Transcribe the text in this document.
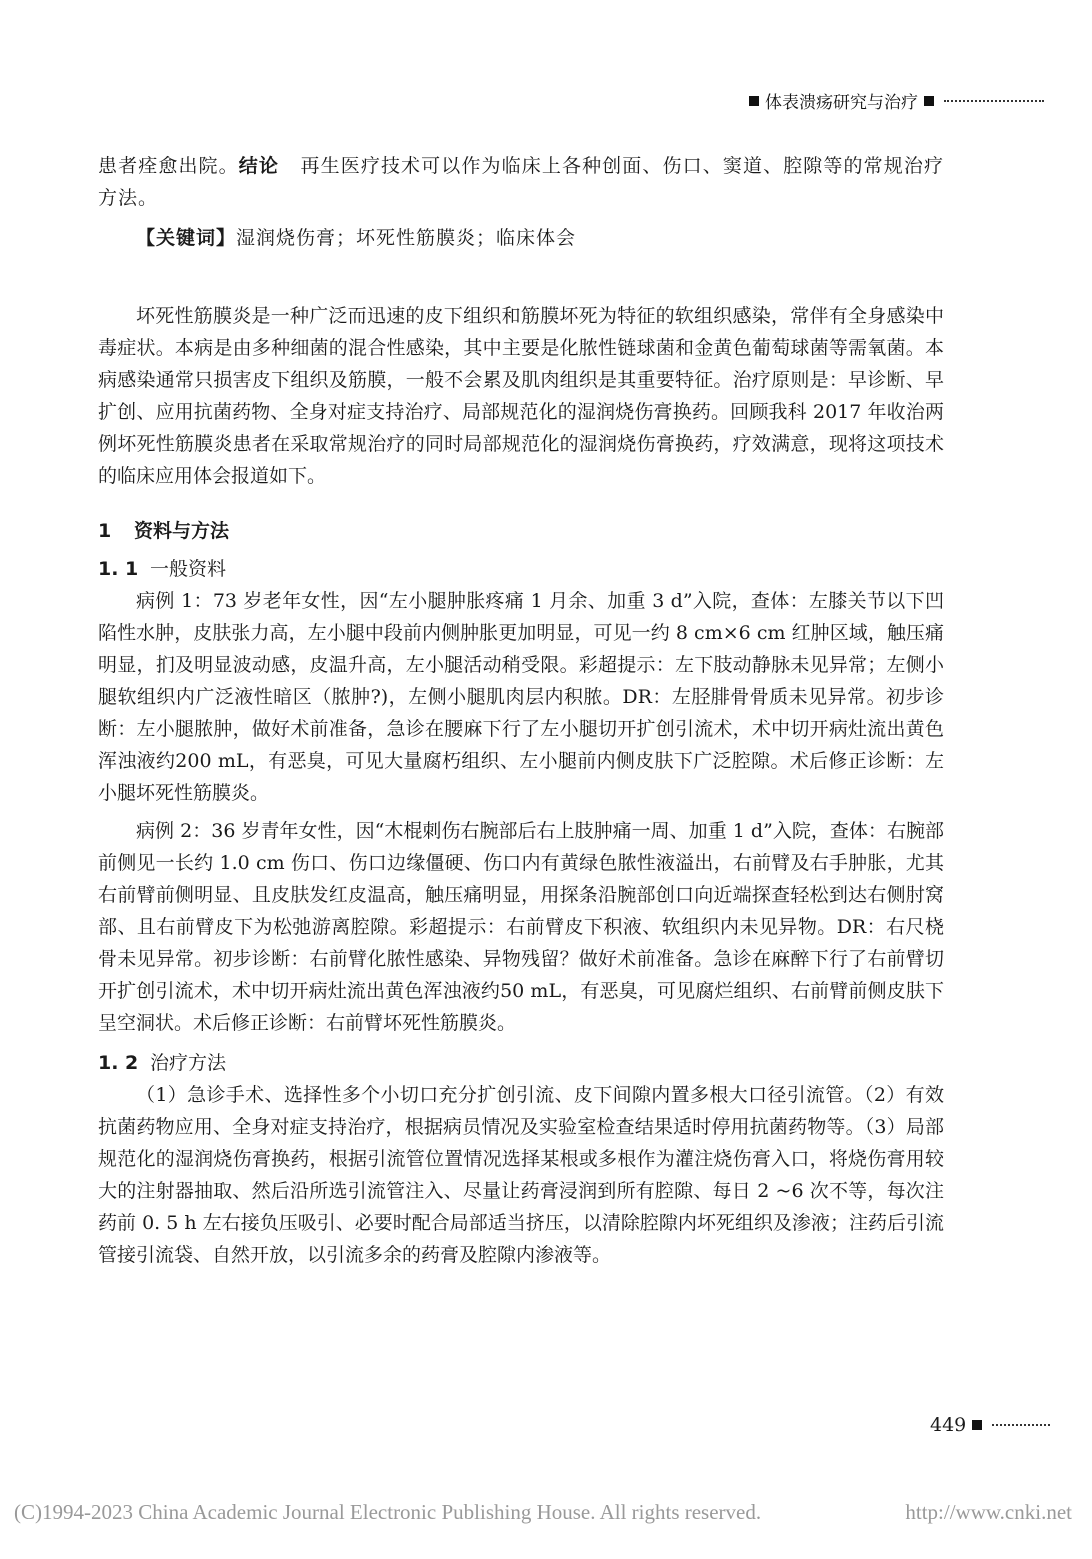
体表溃疡研究与治疗

患者痊愈出院。结论 再生医疗技术可以作为临床上各种创面、伤口、窦道、腔隙等的常规治疗方法。

【关键词】湿润烧伤膏；坏死性筋膜炎；临床体会

坏死性筋膜炎是一种广泛而迅速的皮下组织和筋膜坏死为特征的软组织感染，常伴有全身感染中毒症状。本病是由多种细菌的混合性感染，其中主要是化脓性链球菌和金黄色葡萄球菌等需氧菌。本病感染通常只损害皮下组织及筋膜，一般不会累及肌肉组织是其重要特征。治疗原则是：早诊断、早扩创、应用抗菌药物、全身对症支持治疗、局部规范化的湿润烧伤膏换药。回顾我科 2017 年收治两例坏死性筋膜炎患者在采取常规治疗的同时局部规范化的湿润烧伤膏换药，疗效满意，现将这项技术的临床应用体会报道如下。

1 资料与方法
1. 1 一般资料

病例 1：73 岁老年女性，因“左小腿肿胀疼痛 1 月余、加重 3 d”入院，查体：左膝关节以下凹陷性水肿，皮肤张力高，左小腿中段前内侧肿胀更加明显，可见一约 8 cm×6 cm 红肿区域，触压痛明显，扪及明显波动感，皮温升高，左小腿活动稍受限。彩超提示：左下肢动静脉未见异常；左侧小腿软组织内广泛液性暗区（脓肿?)，左侧小腿肌肉层内积脓。DR：左胫腓骨骨质未见异常。初步诊断：左小腿脓肿，做好术前准备，急诊在腰麻下行了左小腿切开扩创引流术，术中切开病灶流出黄色浑浊液约200 mL，有恶臭，可见大量腐朽组织、左小腿前内侧皮肤下广泛腔隙。术后修正诊断：左小腿坏死性筋膜炎。

病例 2：36 岁青年女性，因“木棍刺伤右腕部后右上肢肿痛一周、加重 1 d”入院，查体：右腕部前侧见一长约 1.0 cm 伤口、伤口边缘僵硬、伤口内有黄绿色脓性液溢出，右前臂及右手肿胀，尤其右前臂前侧明显、且皮肤发红皮温高，触压痛明显，用探条沿腕部创口向近端探查轻松到达右侧肘窝部、且右前臂皮下为松弛游离腔隙。彩超提示：右前臂皮下积液、软组织内未见异物。DR：右尺桡骨未见异常。初步诊断：右前臂化脓性感染、异物残留？做好术前准备。急诊在麻醉下行了右前臂切开扩创引流术，术中切开病灶流出黄色浑浊液约50 mL，有恶臭，可见腐烂组织、右前臂前侧皮肤下呈空洞状。术后修正诊断：右前臂坏死性筋膜炎。

1. 2 治疗方法

（1）急诊手术、选择性多个小切口充分扩创引流、皮下间隙内置多根大口径引流管。（2）有效抗菌药物应用、全身对症支持治疗，根据病员情况及实验室检查结果适时停用抗菌药物等。（3）局部规范化的湿润烧伤膏换药，根据引流管位置情况选择某根或多根作为灌注烧伤膏入口，将烧伤膏用较大的注射器抽取、然后沿所选引流管注入、尽量让药膏浸润到所有腔隙、每日 2 ~6 次不等，每次注药前 0. 5 h 左右接负压吸引、必要时配合局部适当挤压，以清除腔隙内坏死组织及渗液；注药后引流管接引流袋、自然开放，以引流多余的药膏及腔隙内渗液等。

449
(C)1994-2023 China Academic Journal Electronic Publishing House. All rights reserved.	http://www.cnki.net
